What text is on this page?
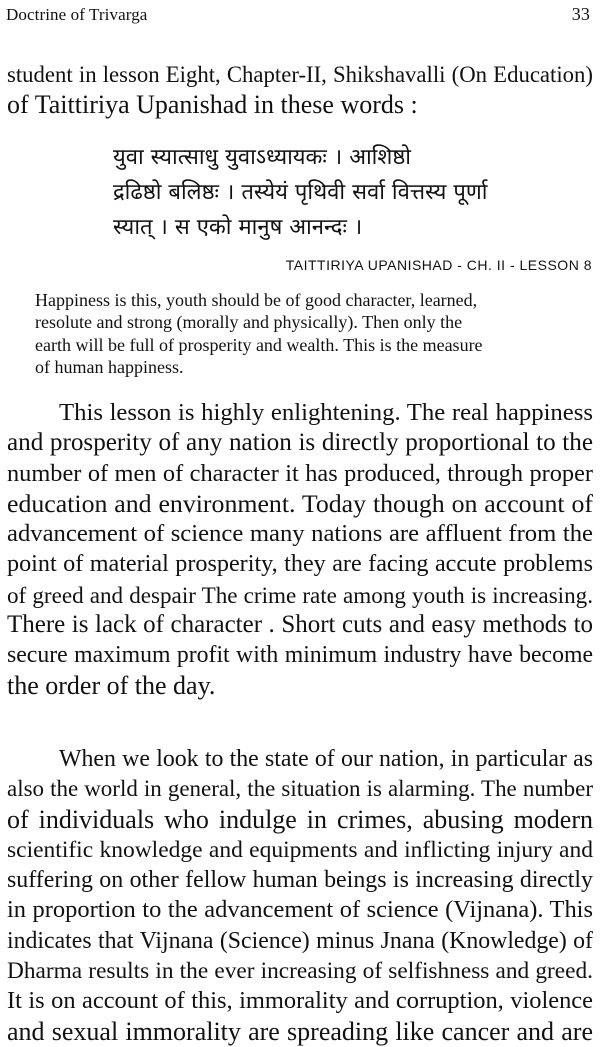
Doctrine of Trivarga	33

student in lesson Eight, Chapter-II, Shikshavalli (On Education)
of Taittiriya Upanishad in these words :

युवा स्यात्साधु युवाऽध्यायकः । आशिष्ठो
द्रढिष्ठो बलिष्ठः । तस्येयं पृथिवी सर्वा वित्तस्य पूर्णा
स्यात् । स एको मानुष आनन्दः ।
TAITTIRIYA UPANISHAD - CH. II - LESSON 8

Happiness is this, youth should be of good character, learned,
resolute and strong (morally and physically). Then only the
earth will be full of prosperity and wealth. This is the measure
of human happiness.

This lesson is highly enlightening. The real happiness
and prosperity of any nation is directly proportional to the
number of men of character it has produced, through proper
education and environment. Today though on account of
advancement of science many nations are affluent from the
point of material prosperity, they are facing accute problems
of greed and despair The crime rate among youth is increasing.
There is lack of character . Short cuts and easy methods to
secure maximum profit with minimum industry have become
the order of the day.

When we look to the state of our nation, in particular as
also the world in general, the situation is alarming. The number
of individuals who indulge in crimes, abusing modern
scientific knowledge and equipments and inflicting injury and
suffering on other fellow human beings is increasing directly
in proportion to the advancement of science (Vijnana). This
indicates that Vijnana (Science) minus Jnana (Knowledge) of
Dharma results in the ever increasing of selfishness and greed.
It is on account of this, immorality and corruption, violence
and sexual immorality are spreading like cancer and are
